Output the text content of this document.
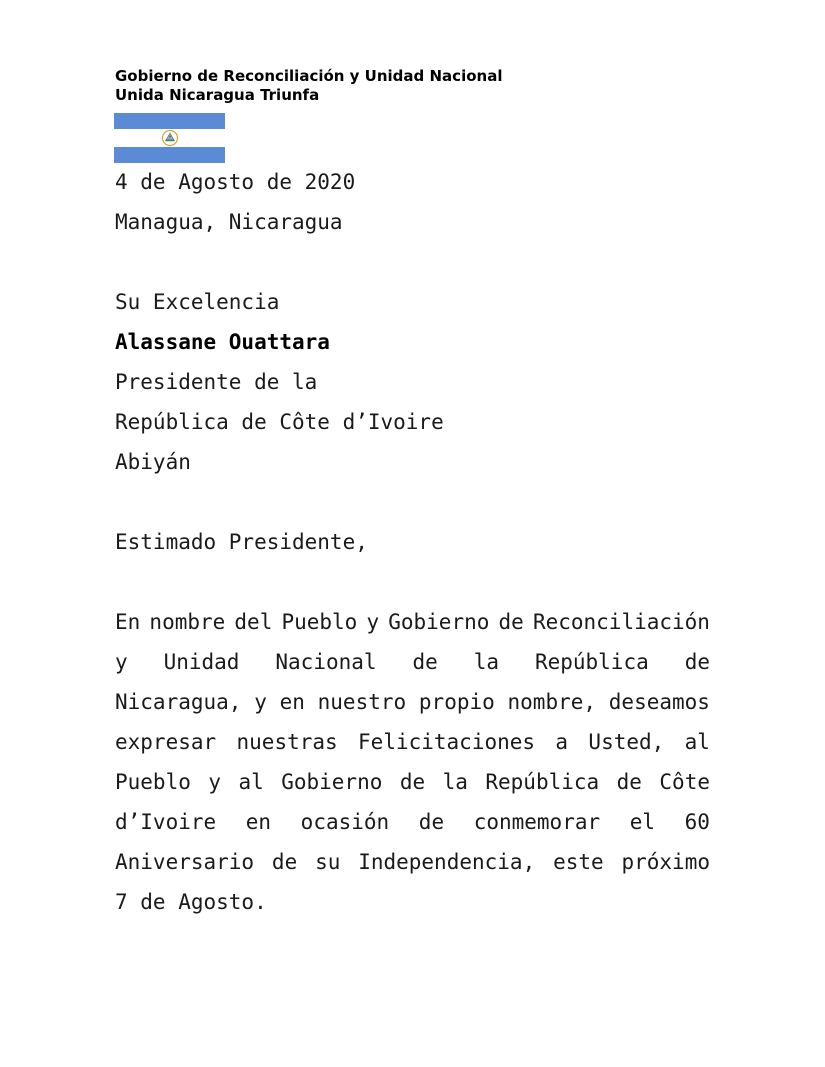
Gobierno de Reconciliación y Unidad Nacional
Unida Nicaragua Triunfa
4 de Agosto de 2020
Managua, Nicaragua
Su Excelencia
Alassane Ouattara
Presidente de la
República de Côte d’Ivoire
Abiyán
Estimado Presidente,
En nombre del Pueblo y Gobierno de Reconciliación
y Unidad Nacional de la República de
Nicaragua, y en nuestro propio nombre, deseamos
expresar nuestras Felicitaciones a Usted, al
Pueblo y al Gobierno de la República de Côte
d’Ivoire en ocasión de conmemorar el 60
Aniversario de su Independencia, este próximo
7 de Agosto.
